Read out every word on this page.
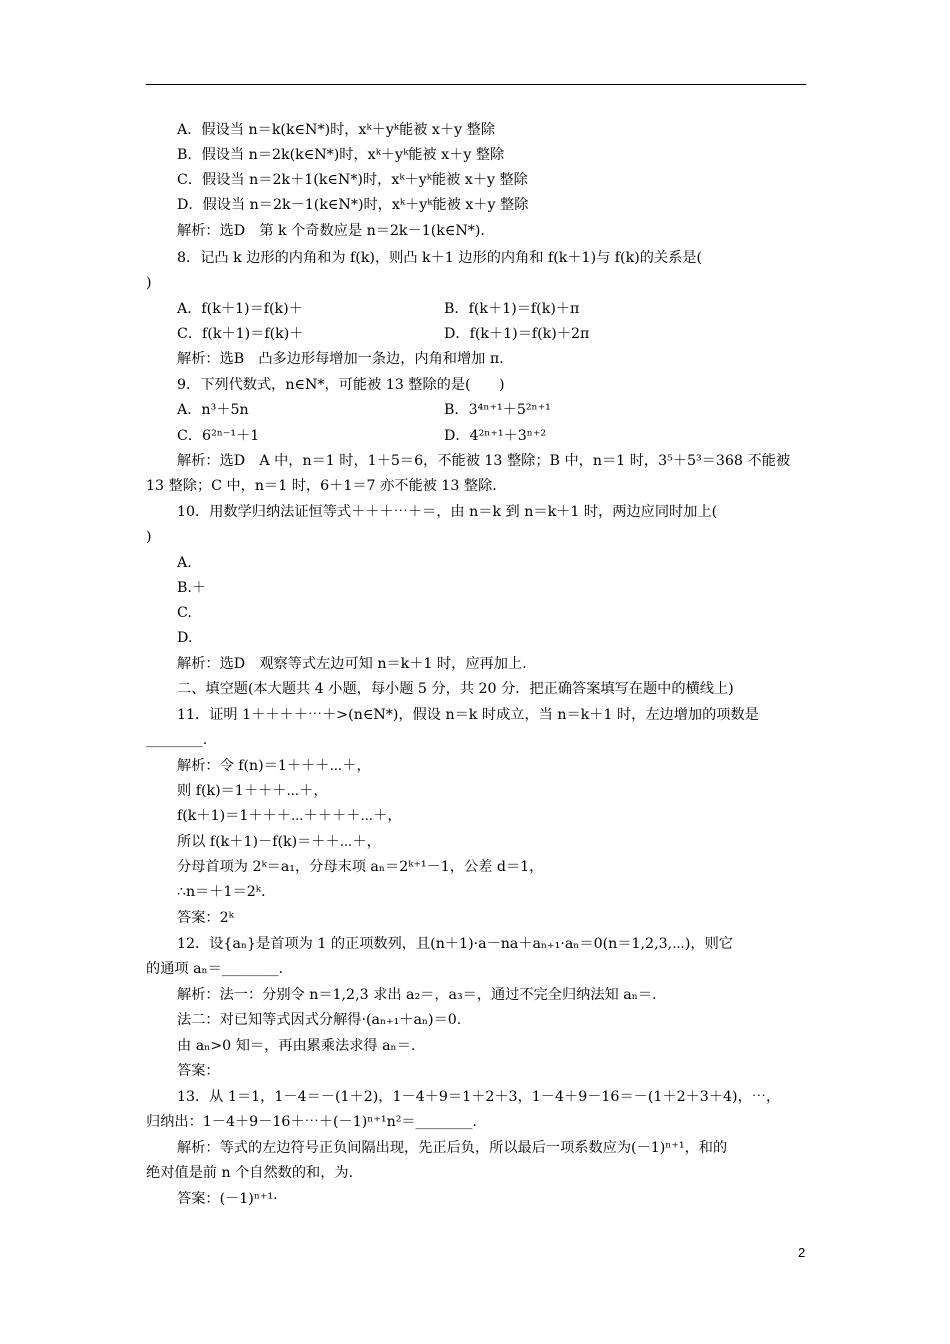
A．假设当 n＝k(k∈N*)时，xᵏ＋yᵏ能被 x＋y 整除
B．假设当 n＝2k(k∈N*)时，xᵏ＋yᵏ能被 x＋y 整除
C．假设当 n＝2k＋1(k∈N*)时，xᵏ＋yᵏ能被 x＋y 整除
D．假设当 n＝2k－1(k∈N*)时，xᵏ＋yᵏ能被 x＋y 整除
解析：选D　第 k 个奇数应是 n＝2k－1(k∈N*)．
8．记凸 k 边形的内角和为 f(k)，则凸 k＋1 边形的内角和 f(k＋1)与 f(k)的关系是(
)
A．f(k＋1)＝f(k)＋	B．f(k＋1)＝f(k)＋π
C．f(k＋1)＝f(k)＋	D．f(k＋1)＝f(k)＋2π
解析：选B　凸多边形每增加一条边，内角和增加 π．
9．下列代数式，n∈N*，可能被 13 整除的是(　　)
A．n³＋5n	B．3⁴ⁿ⁺¹＋5²ⁿ⁺¹
C．6²ⁿ⁻¹＋1	D．4²ⁿ⁺¹＋3ⁿ⁺²
解析：选D　A 中，n＝1 时，1＋5＝6，不能被 13 整除；B 中，n＝1 时，3⁵＋5³＝368 不能被
13 整除；C 中，n＝1 时，6＋1＝7 亦不能被 13 整除．
10．用数学归纳法证恒等式＋＋＋⋯＋＝，由 n＝k 到 n＝k＋1 时，两边应同时加上(
)
A.
B.＋
C.
D.
解析：选D　观察等式左边可知 n＝k＋1 时，应再加上.
二、填空题(本大题共 4 小题，每小题 5 分，共 20 分．把正确答案填写在题中的横线上)
11．证明 1＋＋＋＋⋯＋>(n∈N*)，假设 n＝k 时成立，当 n＝k＋1 时，左边增加的项数是
________.
解析：令 f(n)＝1＋＋＋⋯＋，
则 f(k)＝1＋＋＋⋯＋，
f(k＋1)＝1＋＋＋⋯＋＋＋＋⋯＋，
所以 f(k＋1)－f(k)＝＋＋⋯＋，
分母首项为 2ᵏ＝a₁，分母末项 aₙ＝2ᵏ⁺¹－1，公差 d＝1，
∴n＝＋1＝2ᵏ.
答案：2ᵏ
12．设{aₙ}是首项为 1 的正项数列，且(n＋1)·a－na＋aₙ₊₁·aₙ＝0(n＝1,2,3,⋯)，则它
的通项 aₙ＝________.
解析：法一：分别令 n＝1,2,3 求出 a₂＝，a₃＝，通过不完全归纳法知 aₙ＝.
法二：对已知等式因式分解得·(aₙ₊₁＋aₙ)＝0.
由 aₙ>0 知＝，再由累乘法求得 aₙ＝.
答案：
13．从 1＝1，1－4＝－(1＋2)，1－4＋9＝1＋2＋3，1－4＋9－16＝－(1＋2＋3＋4)，⋯，
归纳出：1－4＋9－16＋⋯＋(－1)ⁿ⁺¹n²＝________.
解析：等式的左边符号正负间隔出现，先正后负，所以最后一项系数应为(－1)ⁿ⁺¹，和的
绝对值是前 n 个自然数的和，为.
答案：(－1)ⁿ⁺¹·
2
